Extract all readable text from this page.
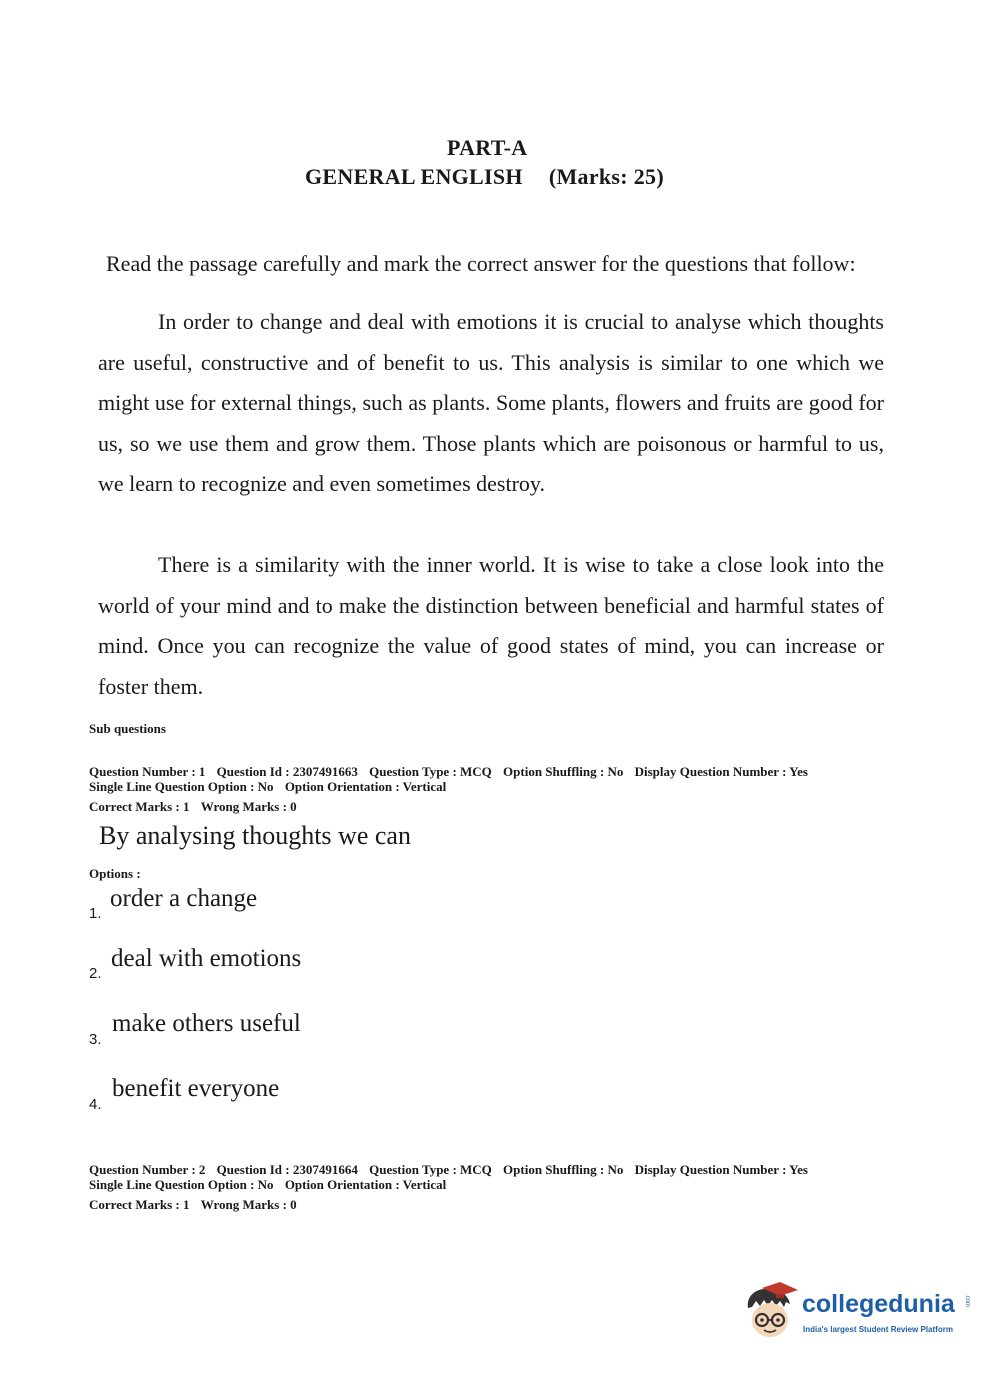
PART-A
GENERAL ENGLISH (Marks: 25)
Read the passage carefully and mark the correct answer for the questions that follow:

In order to change and deal with emotions it is crucial to analyse which thoughts are useful, constructive and of benefit to us. This analysis is similar to one which we might use for external things, such as plants. Some plants, flowers and fruits are good for us, so we use them and grow them. Those plants which are poisonous or harmful to us, we learn to recognize and even sometimes destroy.

There is a similarity with the inner world. It is wise to take a close look into the world of your mind and to make the distinction between beneficial and harmful states of mind. Once you can recognize the value of good states of mind, you can increase or foster them.

Sub questions
Question Number : 1 Question Id : 2307491663 Question Type : MCQ Option Shuffling : No Display Question Number : Yes
Single Line Question Option : No Option Orientation : Vertical
Correct Marks : 1 Wrong Marks : 0
By analysing thoughts we can
Options :
1.
order a change
2.
deal with emotions
3.
make others useful
4.
benefit everyone
Question Number : 2 Question Id : 2307491664 Question Type : MCQ Option Shuffling : No Display Question Number : Yes
Single Line Question Option : No Option Orientation : Vertical
Correct Marks : 1 Wrong Marks : 0
collegedunia .com
India's largest Student Review Platform
